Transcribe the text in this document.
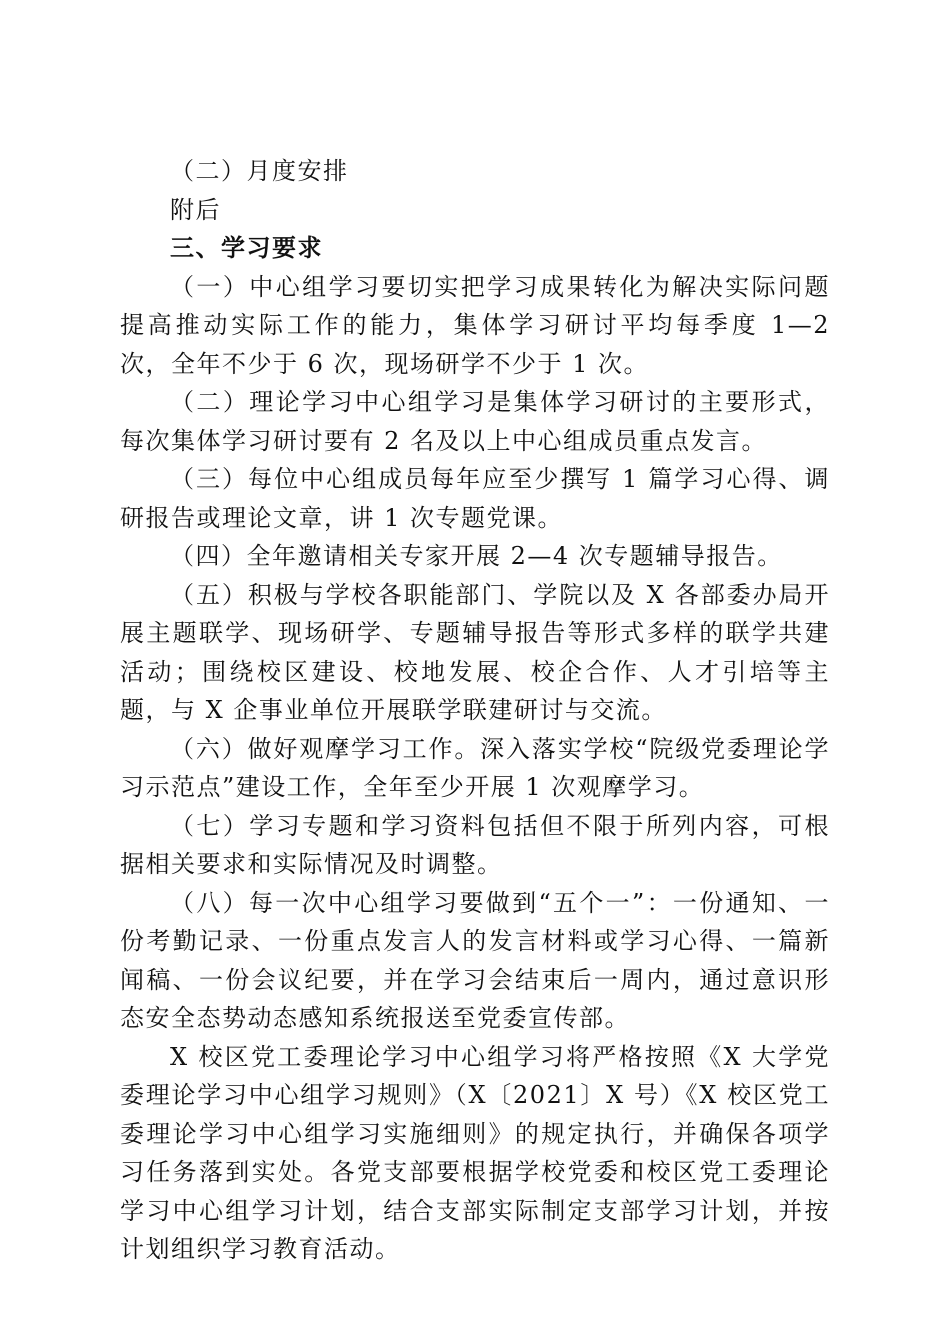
（二）月度安排

附后

三、学习要求

（一）中心组学习要切实把学习成果转化为解决实际问题提高推动实际工作的能力，集体学习研讨平均每季度 1—2 次，全年不少于 6 次，现场研学不少于 1 次。

（二）理论学习中心组学习是集体学习研讨的主要形式，每次集体学习研讨要有 2 名及以上中心组成员重点发言。

（三）每位中心组成员每年应至少撰写 1 篇学习心得、调研报告或理论文章，讲 1 次专题党课。

（四）全年邀请相关专家开展 2—4 次专题辅导报告。

（五）积极与学校各职能部门、学院以及 X 各部委办局开展主题联学、现场研学、专题辅导报告等形式多样的联学共建活动；围绕校区建设、校地发展、校企合作、人才引培等主题，与 X 企事业单位开展联学联建研讨与交流。

（六）做好观摩学习工作。深入落实学校“院级党委理论学习示范点”建设工作，全年至少开展 1 次观摩学习。

（七）学习专题和学习资料包括但不限于所列内容，可根据相关要求和实际情况及时调整。

（八）每一次中心组学习要做到“五个一”：一份通知、一份考勤记录、一份重点发言人的发言材料或学习心得、一篇新闻稿、一份会议纪要，并在学习会结束后一周内，通过意识形态安全态势动态感知系统报送至党委宣传部。

X 校区党工委理论学习中心组学习将严格按照《X 大学党委理论学习中心组学习规则》（X〔2021〕X 号）《X 校区党工委理论学习中心组学习实施细则》的规定执行，并确保各项学习任务落到实处。各党支部要根据学校党委和校区党工委理论学习中心组学习计划，结合支部实际制定支部学习计划，并按计划组织学习教育活动。
